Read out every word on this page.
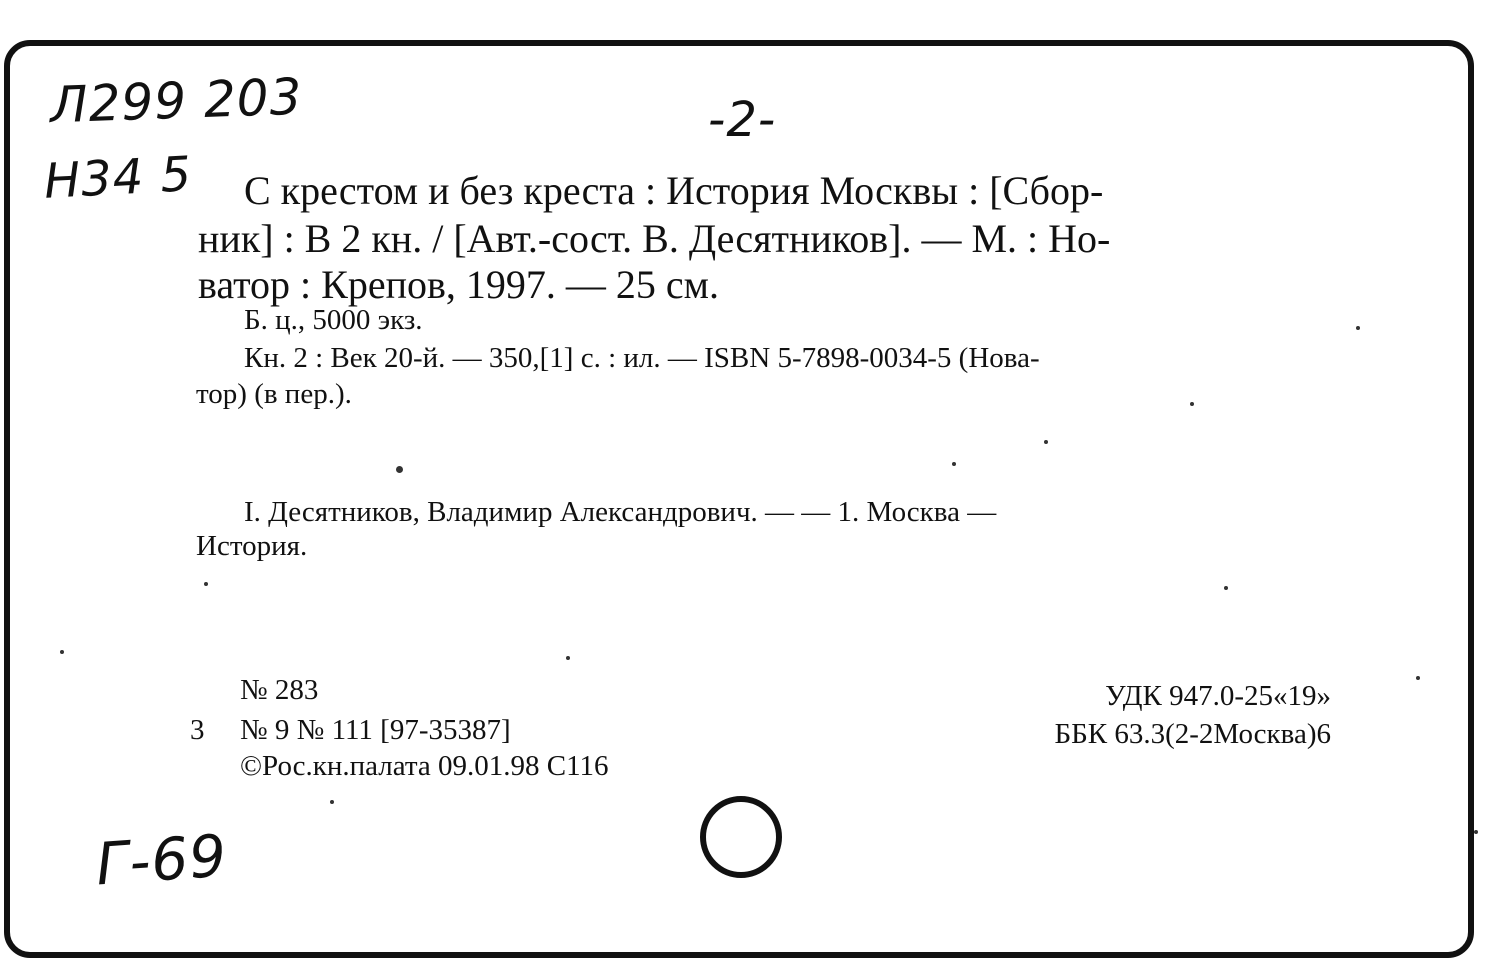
Л299 203
Н34 5
-2-
Г-69
С крестом и без креста : История Москвы : [Сбор-
ник] : В 2 кн. / [Авт.-сост. В. Десятников]. — М. : Но-
ватор : Крепов, 1997. — 25 см.
Б. ц., 5000 экз.
Кн. 2 : Век 20-й. — 350,[1] с. : ил. — ISBN 5-7898-0034-5 (Нова-
тор) (в пер.).
I. Десятников, Владимир Александрович. — — 1. Москва —
История.
№ 283
3 № 9 № 111 [97-35387]
©Рос.кн.палата 09.01.98 С116
УДК 947.0-25«19»
ББК 63.3(2-2Москва)6
